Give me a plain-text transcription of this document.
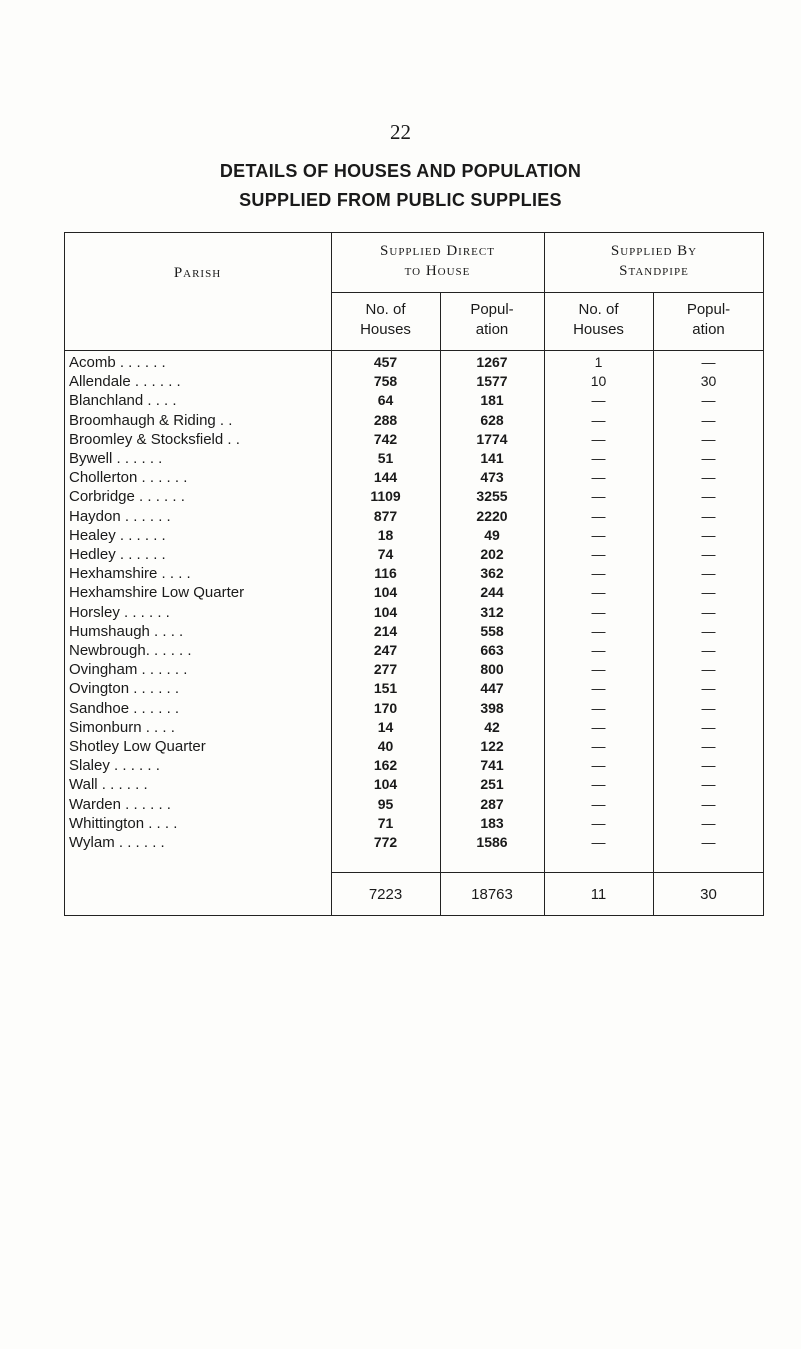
22
DETAILS OF HOUSES AND POPULATION
SUPPLIED FROM PUBLIC SUPPLIES
Parish
Supplied Direct
to House
Supplied By
Standpipe
No. of
Houses
Popul-
ation
No. of
Houses
Popul-
ation
Acomb . . . . . .	457	1267	1	—
Allendale . . . . . .	758	1577	10	30
Blanchland . . . .	64	181	—	—
Broomhaugh & Riding . .	288	628	—	—
Broomley & Stocksfield . .	742	1774	—	—
Bywell . . . . . .	51	141	—	—
Chollerton . . . . . .	144	473	—	—
Corbridge . . . . . .	1109	3255	—	—
Haydon . . . . . .	877	2220	—	—
Healey . . . . . .	18	49	—	—
Hedley . . . . . .	74	202	—	—
Hexhamshire . . . .	116	362	—	—
Hexhamshire Low Quarter	104	244	—	—
Horsley . . . . . .	104	312	—	—
Humshaugh . . . .	214	558	—	—
Newbrough. . . . . .	247	663	—	—
Ovingham . . . . . .	277	800	—	—
Ovington . . . . . .	151	447	—	—
Sandhoe . . . . . .	170	398	—	—
Simonburn . . . .	14	42	—	—
Shotley Low Quarter	40	122	—	—
Slaley . . . . . .	162	741	—	—
Wall . . . . . .	104	251	—	—
Warden . . . . . .	95	287	—	—
Whittington . . . .	71	183	—	—
Wylam . . . . . .	772	1586	—	—
7223	18763	11	30
